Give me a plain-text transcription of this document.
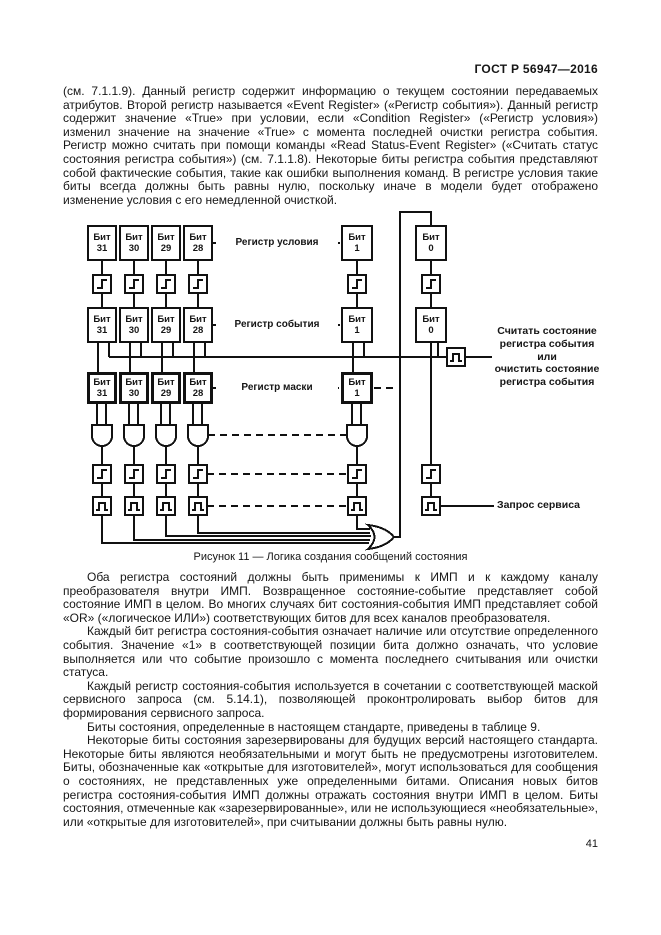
ГОСТ Р 56947—2016

(см. 7.1.1.9). Данный регистр содержит информацию о текущем состоянии передаваемых атрибутов. Второй регистр называется «Event Register» («Регистр события»). Данный регистр содержит значение «True» при условии, если «Condition Register» («Регистр условия») изменил значение на значение «True» с момента последней очистки регистра события. Регистр можно считать при помощи команды «Read Status-Event Register» («Считать статус состояния регистра события») (см. 7.1.1.8). Некоторые биты регистра события представляют собой фактические события, такие как ошибки выполнения команд. В регистре условия такие биты всегда должны быть равны нулю, поскольку иначе в модели будет отображено изменение условия с его немедленной очисткой.

Бит
31
Бит
30
Бит
29
Бит
28
Бит
1
Бит
0
Бит
31
Бит
30
Бит
29
Бит
28
Бит
1
Бит
0
Бит
31
Бит
30
Бит
29
Бит
28
Бит
1
Регистр условия
Регистр события
Регистр маски
Считать состояние
регистра события
или
очистить состояние
регистра события
Запрос сервиса
Рисунок 11 — Логика создания сообщений состояния

Оба регистра состояний должны быть применимы к ИМП и к каждому каналу преобразователя внутри ИМП. Возвращенное состояние-событие представляет собой состояние ИМП в целом. Во многих случаях бит состояния-события ИМП представляет собой «OR» («логическое ИЛИ») соответствующих битов для всех каналов преобразователя.

Каждый бит регистра состояния-события означает наличие или отсутствие определенного события. Значение «1» в соответствующей позиции бита должно означать, что условие выполняется или что событие произошло с момента последнего считывания или очистки статуса.

Каждый регистр состояния-события используется в сочетании с соответствующей маской сервисного запроса (см. 5.14.1), позволяющей проконтролировать выбор битов для формирования сервисного запроса.

Биты состояния, определенные в настоящем стандарте, приведены в таблице 9.

Некоторые биты состояния зарезервированы для будущих версий настоящего стандарта. Некоторые биты являются необязательными и могут быть не предусмотрены изготовителем. Биты, обозначенные как «открытые для изготовителей», могут использоваться для сообщения о состояниях, не представленных уже определенными битами. Описания новых битов регистра состояния-события ИМП должны отражать состояния внутри ИМП в целом. Биты состояния, отмеченные как «зарезервированные», или не использующиеся «необязательные», или «открытые для изготовителей», при считывании должны быть равны нулю.

41
